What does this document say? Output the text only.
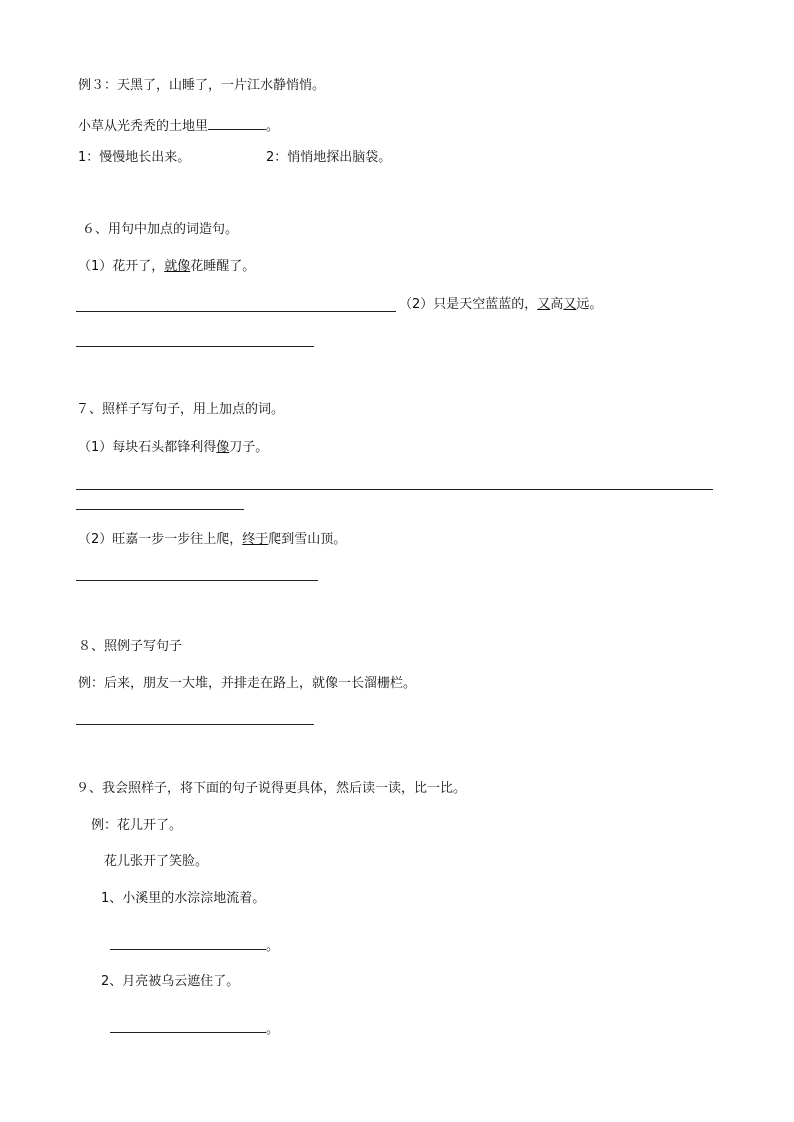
例３：天黑了，山睡了，一片江水静悄悄。
小草从光秃秃的土地里	。
1：慢慢地长出来。	2：悄悄地探出脑袋。
６、用句中加点的词造句。
（1）花开了，就像花睡醒了。
（2）只是天空蓝蓝的，又高又远。
７、照样子写句子，用上加点的词。
（1）每块石头都锋利得像刀子。
（2）旺嘉一步一步往上爬，终于爬到雪山顶。
８、照例子写句子
例：后来，朋友一大堆，并排走在路上，就像一长溜栅栏。
９、我会照样子，将下面的句子说得更具体，然后读一读，比一比。
例：花儿开了。
花儿张开了笑脸。
1、小溪里的水淙淙地流着。
。
2、月亮被乌云遮住了。
。
